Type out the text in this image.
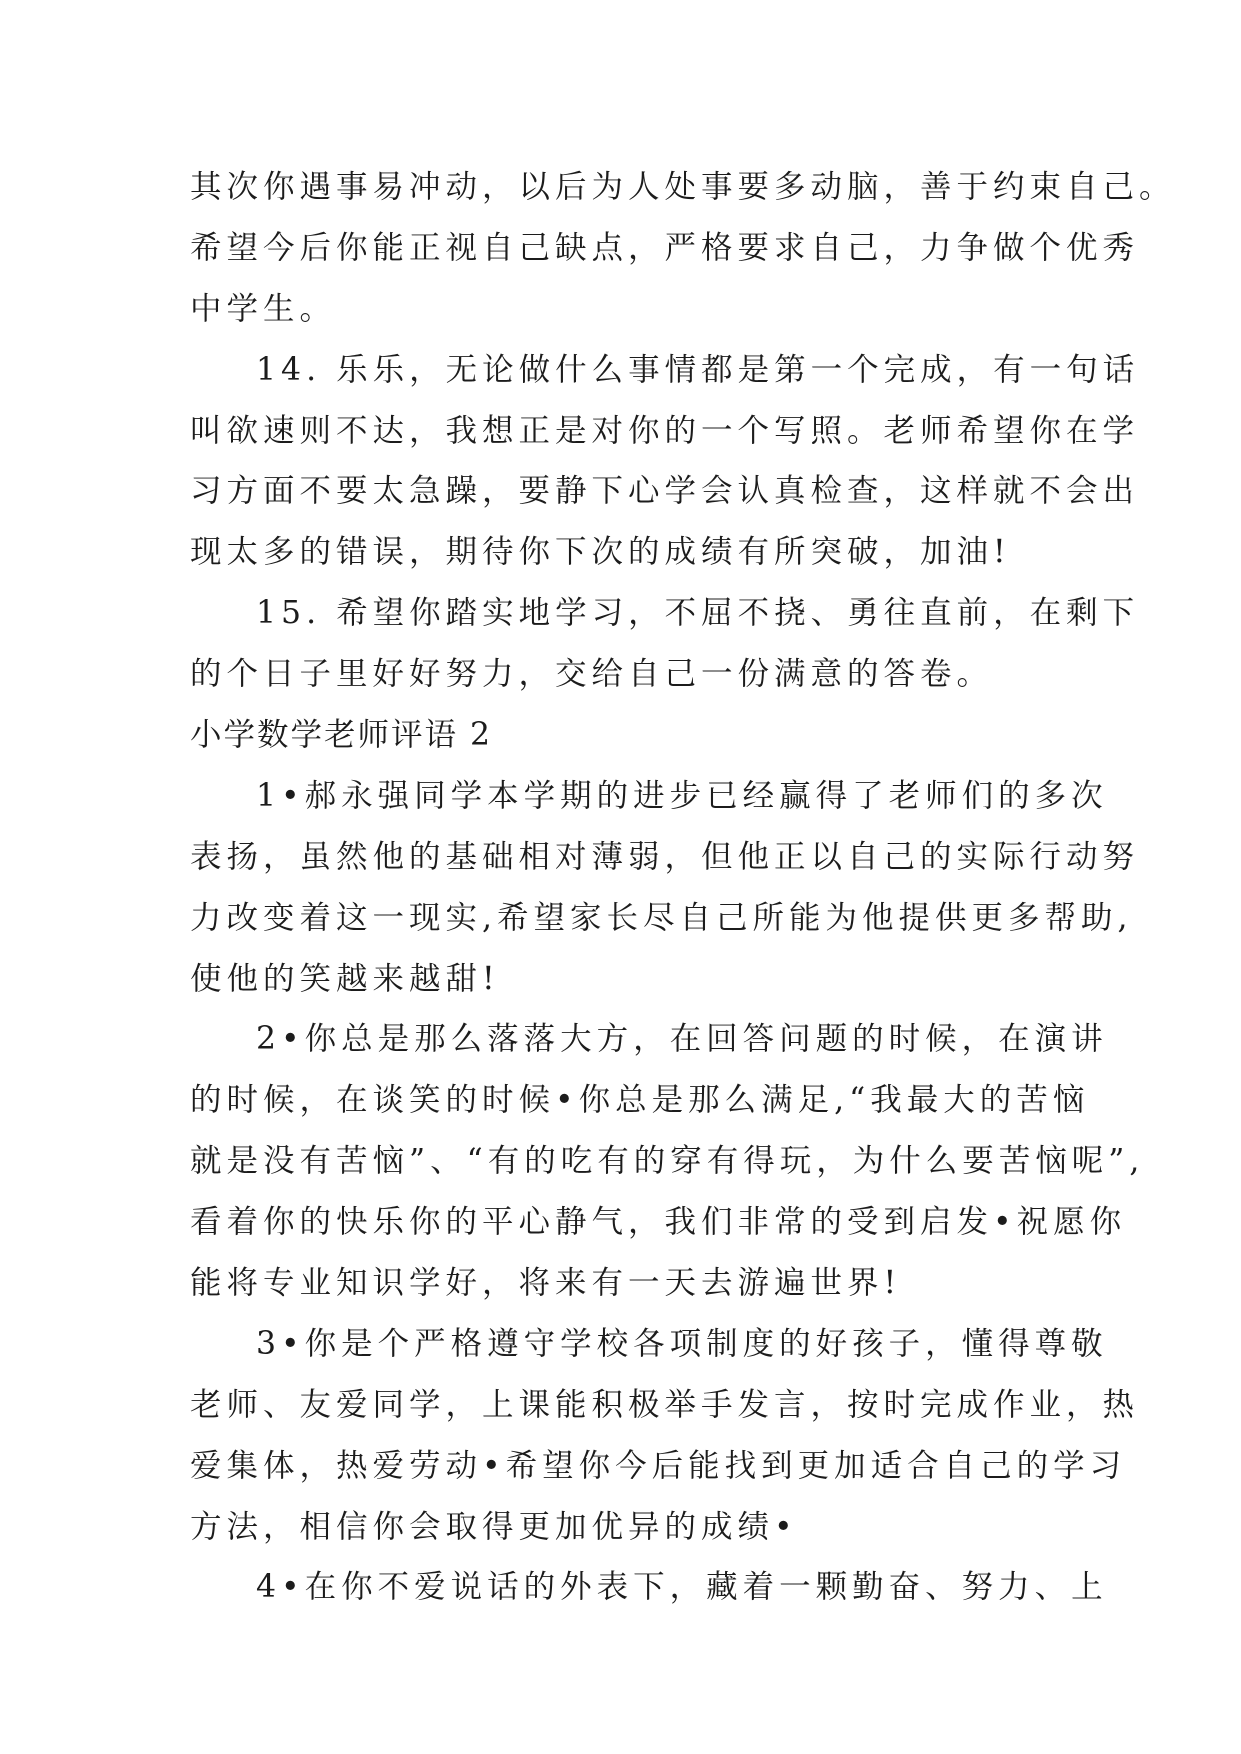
其次你遇事易冲动，以后为人处事要多动脑，善于约束自己。
希望今后你能正视自己缺点，严格要求自己，力争做个优秀
中学生。
14. 乐乐，无论做什么事情都是第一个完成，有一句话
叫欲速则不达，我想正是对你的一个写照。老师希望你在学
习方面不要太急躁，要静下心学会认真检查，这样就不会出
现太多的错误，期待你下次的成绩有所突破，加油!
15. 希望你踏实地学习，不屈不挠、勇往直前，在剩下
的个日子里好好努力，交给自己一份满意的答卷。
小学数学老师评语 2
1•郝永强同学本学期的进步已经赢得了老师们的多次
表扬，虽然他的基础相对薄弱，但他正以自己的实际行动努
力改变着这一现实,希望家长尽自己所能为他提供更多帮助,
使他的笑越来越甜!
2•你总是那么落落大方，在回答问题的时候，在演讲
的时候，在谈笑的时候•你总是那么满足,“我最大的苦恼
就是没有苦恼”、“有的吃有的穿有得玩，为什么要苦恼呢”,
看着你的快乐你的平心静气，我们非常的受到启发•祝愿你
能将专业知识学好，将来有一天去游遍世界!
3•你是个严格遵守学校各项制度的好孩子，懂得尊敬
老师、友爱同学，上课能积极举手发言，按时完成作业，热
爱集体，热爱劳动•希望你今后能找到更加适合自己的学习
方法，相信你会取得更加优异的成绩•
4•在你不爱说话的外表下，藏着一颗勤奋、努力、上
